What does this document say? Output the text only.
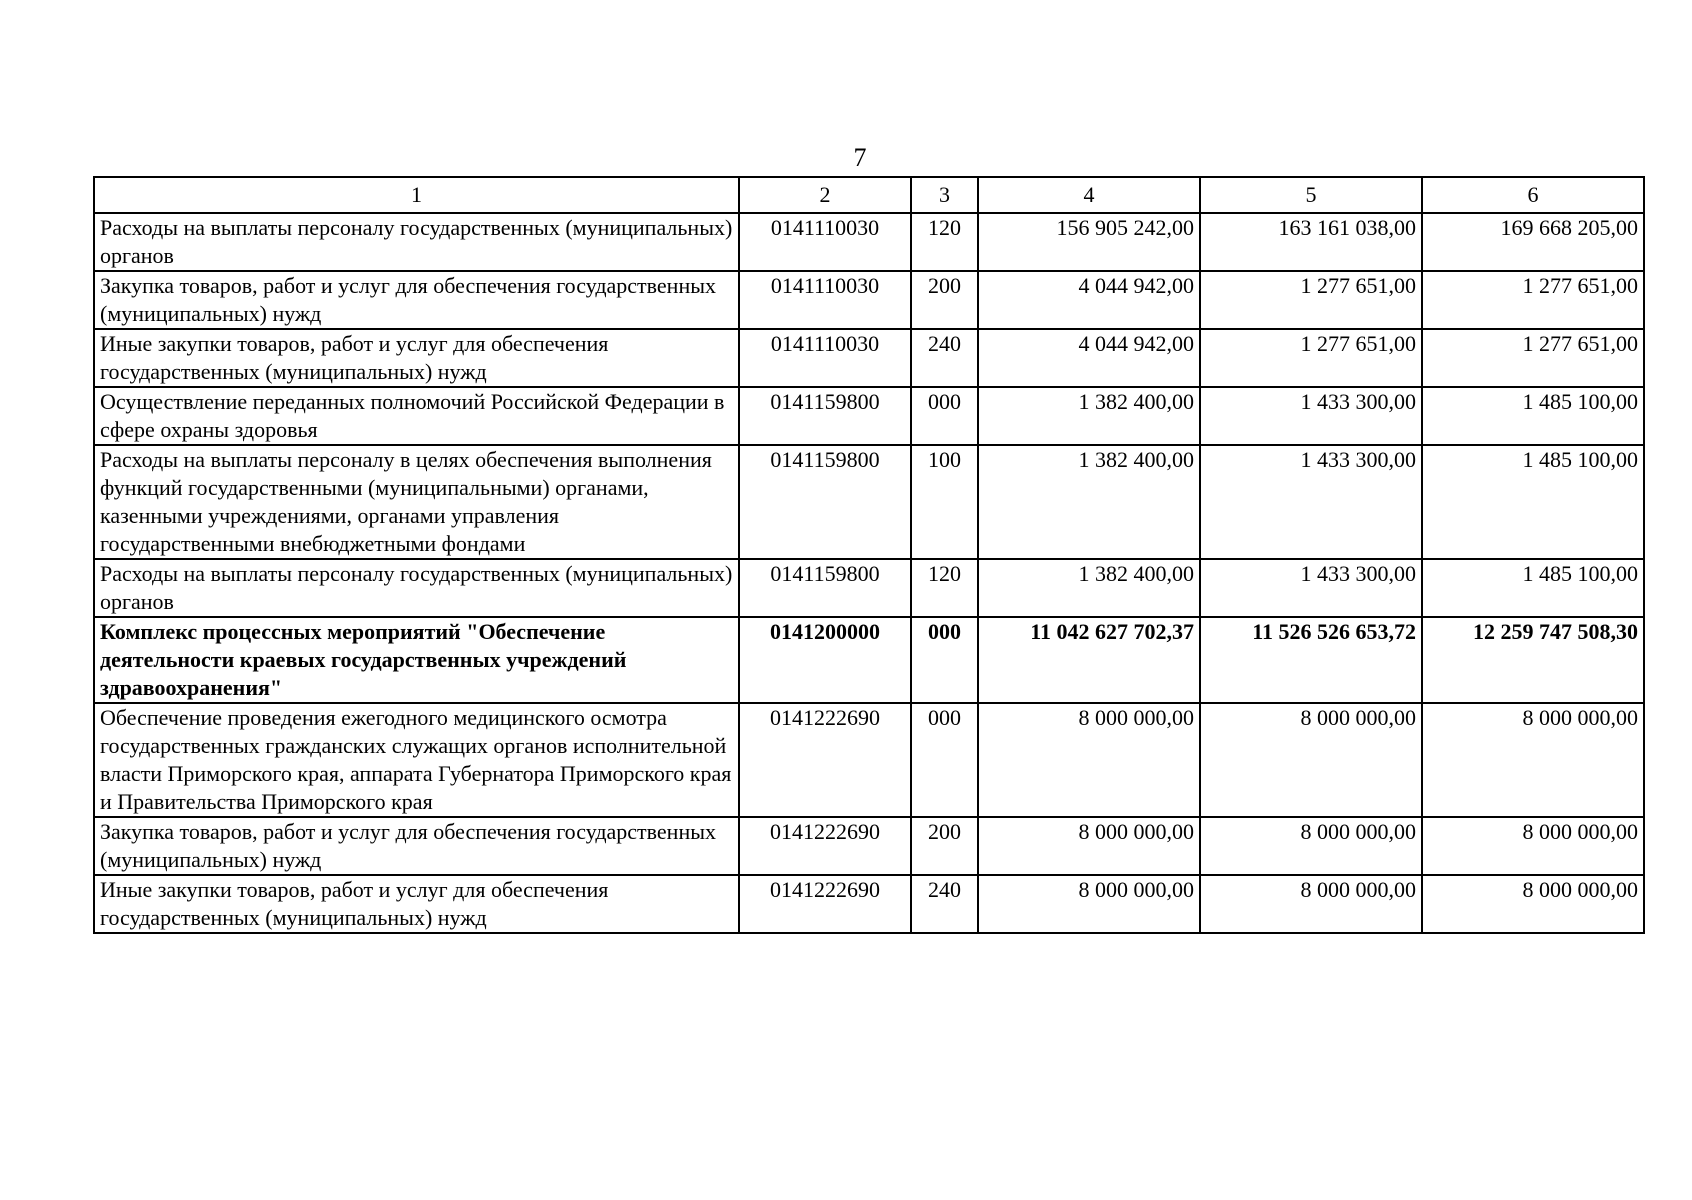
7
1	2	3	4	5	6
Расходы на выплаты персоналу государственных (муниципальных) органов	0141110030	120	156 905 242,00	163 161 038,00	169 668 205,00
Закупка товаров, работ и услуг для обеспечения государственных (муниципальных) нужд	0141110030	200	4 044 942,00	1 277 651,00	1 277 651,00
Иные закупки товаров, работ и услуг для обеспечения государственных (муниципальных) нужд	0141110030	240	4 044 942,00	1 277 651,00	1 277 651,00
Осуществление переданных полномочий Российской Федерации в сфере охраны здоровья	0141159800	000	1 382 400,00	1 433 300,00	1 485 100,00
Расходы на выплаты персоналу в целях обеспечения выполнения функций государственными (муниципальными) органами, казенными учреждениями, органами управления государственными внебюджетными фондами	0141159800	100	1 382 400,00	1 433 300,00	1 485 100,00
Расходы на выплаты персоналу государственных (муниципальных) органов	0141159800	120	1 382 400,00	1 433 300,00	1 485 100,00
Комплекс процессных мероприятий "Обеспечение деятельности краевых государственных учреждений здравоохранения"	0141200000	000	11 042 627 702,37	11 526 526 653,72	12 259 747 508,30
Обеспечение проведения ежегодного медицинского осмотра государственных гражданских служащих органов исполнительной власти Приморского края, аппарата Губернатора Приморского края и Правительства Приморского края	0141222690	000	8 000 000,00	8 000 000,00	8 000 000,00
Закупка товаров, работ и услуг для обеспечения государственных (муниципальных) нужд	0141222690	200	8 000 000,00	8 000 000,00	8 000 000,00
Иные закупки товаров, работ и услуг для обеспечения государственных (муниципальных) нужд	0141222690	240	8 000 000,00	8 000 000,00	8 000 000,00
